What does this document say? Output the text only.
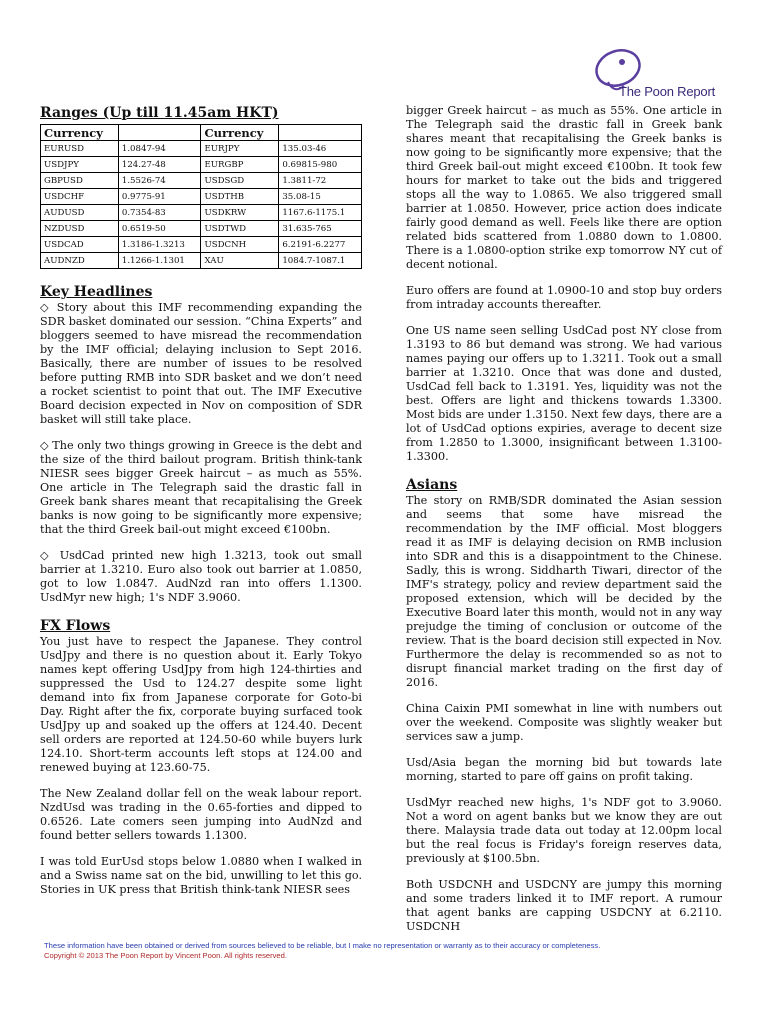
The Poon Report
Ranges (Up till 11.45am HKT)
Currency		Currency	
EURUSD	1.0847-94	EURJPY	135.03-46
USDJPY	124.27-48	EURGBP	0.69815-980
GBPUSD	1.5526-74	USDSGD	1.3811-72
USDCHF	0.9775-91	USDTHB	35.08-15
AUDUSD	0.7354-83	USDKRW	1167.6-1175.1
NZDUSD	0.6519-50	USDTWD	31.635-765
USDCAD	1.3186-1.3213	USDCNH	6.2191-6.2277
AUDNZD	1.1266-1.1301	XAU	1084.7-1087.1
Key Headlines

◇ Story about this IMF recommending expanding the SDR basket dominated our session. “China Experts” and bloggers seemed to have misread the recommendation by the IMF official; delaying inclusion to Sept 2016. Basically, there are number of issues to be resolved before putting RMB into SDR basket and we don’t need a rocket scientist to point that out. The IMF Executive Board decision expected in Nov on composition of SDR basket will still take place.

◇ The only two things growing in Greece is the debt and the size of the third bailout program. British think-tank NIESR sees bigger Greek haircut – as much as 55%. One article in The Telegraph said the drastic fall in Greek bank shares meant that recapitalising the Greek banks is now going to be significantly more expensive; that the third Greek bail-out might exceed €100bn.

◇ UsdCad printed new high 1.3213, took out small barrier at 1.3210. Euro also took out barrier at 1.0850, got to low 1.0847. AudNzd ran into offers 1.1300. UsdMyr new high; 1's NDF 3.9060.

FX Flows

You just have to respect the Japanese. They control UsdJpy and there is no question about it. Early Tokyo names kept offering UsdJpy from high 124-thirties and suppressed the Usd to 124.27 despite some light demand into fix from Japanese corporate for Goto-bi Day. Right after the fix, corporate buying surfaced took UsdJpy up and soaked up the offers at 124.40. Decent sell orders are reported at 124.50-60 while buyers lurk 124.10. Short-term accounts left stops at 124.00 and renewed buying at 123.60-75.

The New Zealand dollar fell on the weak labour report. NzdUsd was trading in the 0.65-forties and dipped to 0.6526. Late comers seen jumping into AudNzd and found better sellers towards 1.1300.

I was told EurUsd stops below 1.0880 when I walked in and a Swiss name sat on the bid, unwilling to let this go. Stories in UK press that British think-tank NIESR sees

bigger Greek haircut – as much as 55%. One article in The Telegraph said the drastic fall in Greek bank shares meant that recapitalising the Greek banks is now going to be significantly more expensive; that the third Greek bail-out might exceed €100bn. It took few hours for market to take out the bids and triggered stops all the way to 1.0865. We also triggered small barrier at 1.0850. However, price action does indicate fairly good demand as well. Feels like there are option related bids scattered from 1.0880 down to 1.0800. There is a 1.0800-option strike exp tomorrow NY cut of decent notional.

Euro offers are found at 1.0900-10 and stop buy orders from intraday accounts thereafter.

One US name seen selling UsdCad post NY close from 1.3193 to 86 but demand was strong. We had various names paying our offers up to 1.3211. Took out a small barrier at 1.3210. Once that was done and dusted, UsdCad fell back to 1.3191. Yes, liquidity was not the best. Offers are light and thickens towards 1.3300. Most bids are under 1.3150. Next few days, there are a lot of UsdCad options expiries, average to decent size from 1.2850 to 1.3000, insignificant between 1.3100-1.3300.

Asians

The story on RMB/SDR dominated the Asian session and seems that some have misread the recommendation by the IMF official. Most bloggers read it as IMF is delaying decision on RMB inclusion into SDR and this is a disappointment to the Chinese. Sadly, this is wrong. Siddharth Tiwari, director of the IMF's strategy, policy and review department said the proposed extension, which will be decided by the Executive Board later this month, would not in any way prejudge the timing of conclusion or outcome of the review. That is the board decision still expected in Nov. Furthermore the delay is recommended so as not to disrupt financial market trading on the first day of 2016.

China Caixin PMI somewhat in line with numbers out over the weekend. Composite was slightly weaker but services saw a jump.

Usd/Asia began the morning bid but towards late morning, started to pare off gains on profit taking.

UsdMyr reached new highs, 1's NDF got to 3.9060. Not a word on agent banks but we know they are out there. Malaysia trade data out today at 12.00pm local but the real focus is Friday's foreign reserves data, previously at $100.5bn.

Both USDCNH and USDCNY are jumpy this morning and some traders linked it to IMF report. A rumour that agent banks are capping USDCNY at 6.2110. USDCNH

These information have been obtained or derived from sources believed to be reliable, but I make no representation or warranty as to their accuracy or completeness.
Copyright © 2013 The Poon Report by Vincent Poon. All rights reserved.
